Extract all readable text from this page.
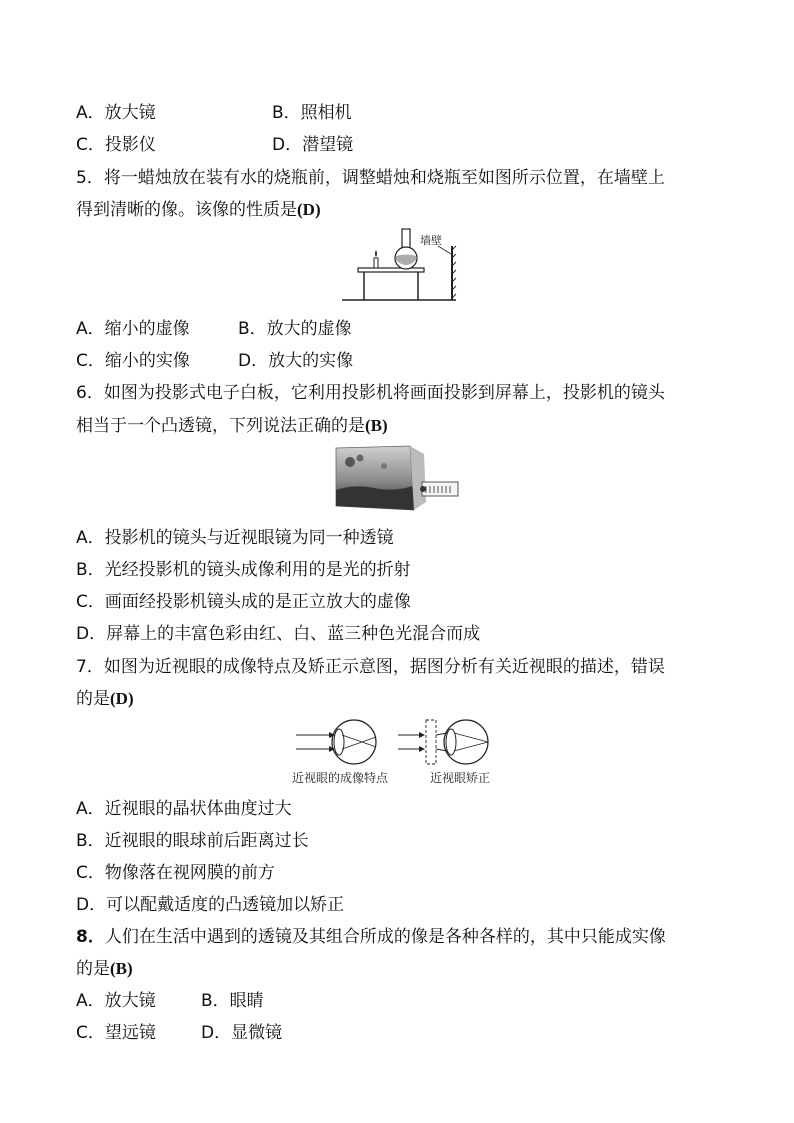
A．放大镜	B．照相机
C．投影仪	D．潜望镜
5．将一蜡烛放在装有水的烧瓶前，调整蜡烛和烧瓶至如图所示位置，在墙壁上
得到清晰的像。该像的性质是(D)
墙壁
A．缩小的虚像	B．放大的虚像
C．缩小的实像	D．放大的实像
6．如图为投影式电子白板，它利用投影机将画面投影到屏幕上，投影机的镜头
相当于一个凸透镜，下列说法正确的是(B)
A．投影机的镜头与近视眼镜为同一种透镜
B．光经投影机的镜头成像利用的是光的折射
C．画面经投影机镜头成的是正立放大的虚像
D．屏幕上的丰富色彩由红、白、蓝三种色光混合而成
7．如图为近视眼的成像特点及矫正示意图，据图分析有关近视眼的描述，错误
的是(D)
近视眼的成像特点	近视眼矫正
A．近视眼的晶状体曲度过大
B．近视眼的眼球前后距离过长
C．物像落在视网膜的前方
D．可以配戴适度的凸透镜加以矫正
8．人们在生活中遇到的透镜及其组合所成的像是各种各样的，其中只能成实像
的是(B)
A．放大镜	B．眼睛
C．望远镜	D．显微镜
